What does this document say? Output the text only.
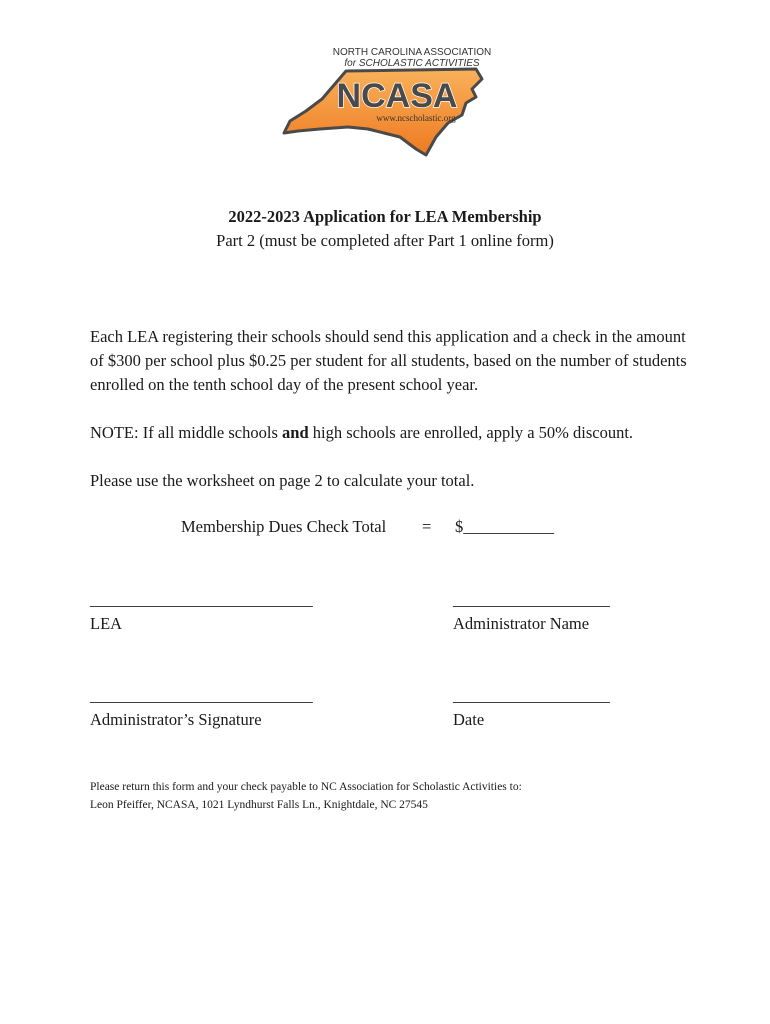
NORTH CAROLINA ASSOCIATION
for SCHOLASTIC ACTIVITIES
NCASA
www.ncscholastic.org
2022-2023 Application for LEA Membership
Part 2 (must be completed after Part 1 online form)
Each LEA registering their schools should send this application and a check in the amount of $300 per school plus $0.25 per student for all students, based on the number of students enrolled on the tenth school day of the present school year.
NOTE: If all middle schools and high schools are enrolled, apply a 50% discount.
Please use the worksheet on page 2 to calculate your total.
Membership Dues Check Total = $___________
___________________________
LEA
___________________
Administrator Name
___________________________
Administrator’s Signature
___________________
Date
Please return this form and your check payable to NC Association for Scholastic Activities to:
Leon Pfeiffer, NCASA, 1021 Lyndhurst Falls Ln., Knightdale, NC 27545
